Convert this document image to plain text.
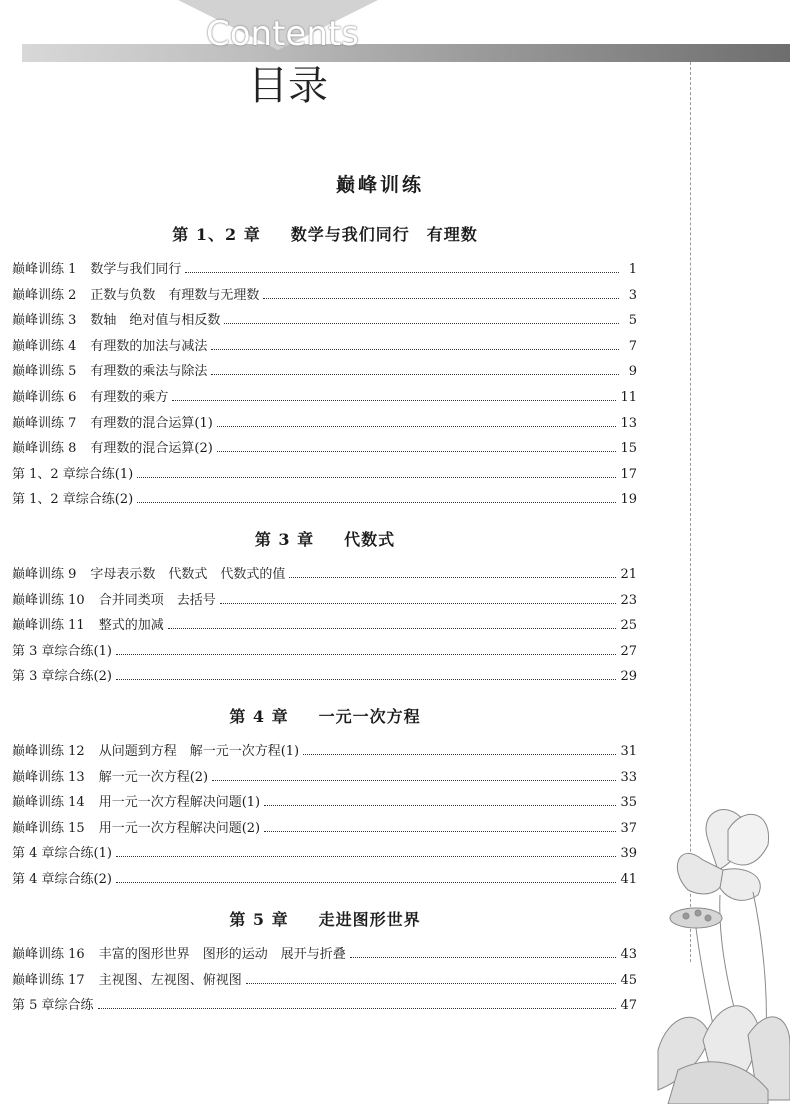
Contents
目录
巅峰训练
第 1、2 章 数学与我们同行　有理数
巅峰训练 1 数学与我们同行	1
巅峰训练 2 正数与负数　有理数与无理数	3
巅峰训练 3 数轴　绝对值与相反数	5
巅峰训练 4 有理数的加法与减法	7
巅峰训练 5 有理数的乘法与除法	9
巅峰训练 6 有理数的乘方	11
巅峰训练 7 有理数的混合运算(1)	13
巅峰训练 8 有理数的混合运算(2)	15
第 1、2 章综合练(1)	17
第 1、2 章综合练(2)	19
第 3 章 代数式
巅峰训练 9 字母表示数　代数式　代数式的值	21
巅峰训练 10 合并同类项　去括号	23
巅峰训练 11 整式的加减	25
第 3 章综合练(1)	27
第 3 章综合练(2)	29
第 4 章 一元一次方程
巅峰训练 12 从问题到方程　解一元一次方程(1)	31
巅峰训练 13 解一元一次方程(2)	33
巅峰训练 14 用一元一次方程解决问题(1)	35
巅峰训练 15 用一元一次方程解决问题(2)	37
第 4 章综合练(1)	39
第 4 章综合练(2)	41
第 5 章 走进图形世界
巅峰训练 16 丰富的图形世界　图形的运动　展开与折叠	43
巅峰训练 17 主视图、左视图、俯视图	45
第 5 章综合练	47
